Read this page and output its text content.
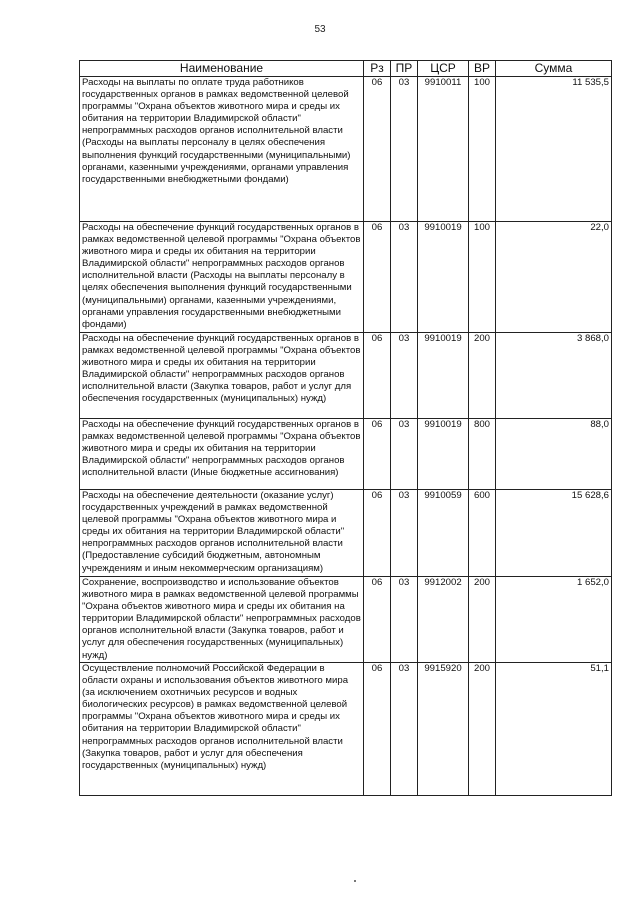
53
Наименование	Рз	ПР	ЦСР	ВР	Сумма
Расходы на выплаты по оплате труда работников государственных органов в рамках ведомственной целевой программы "Охрана объектов животного мира и среды их обитания на территории Владимирской области" непрограммных расходов органов исполнительной власти (Расходы на выплаты персоналу в целях обеспечения выполнения функций государственными (муниципальными) органами, казенными учреждениями, органами управления государственными внебюджетными фондами)	06	03	9910011	100	11 535,5
Расходы на обеспечение функций государственных органов в рамках ведомственной целевой программы "Охрана объектов животного мира и среды их обитания на территории Владимирской области" непрограммных расходов органов исполнительной власти (Расходы на выплаты персоналу в целях обеспечения выполнения функций государственными (муниципальными) органами, казенными учреждениями, органами управления государственными внебюджетными фондами)	06	03	9910019	100	22,0
Расходы на обеспечение функций государственных органов в рамках ведомственной целевой программы "Охрана объектов животного мира и среды их обитания на территории Владимирской области" непрограммных расходов органов исполнительной власти (Закупка товаров, работ и услуг для обеспечения государственных (муниципальных) нужд)	06	03	9910019	200	3 868,0
Расходы на обеспечение функций государственных органов в рамках ведомственной целевой программы "Охрана объектов животного мира и среды их обитания на территории Владимирской области" непрограммных расходов органов исполнительной власти (Иные бюджетные ассигнования)	06	03	9910019	800	88,0
Расходы на обеспечение деятельности (оказание услуг) государственных учреждений в рамках ведомственной целевой программы "Охрана объектов животного мира и среды их обитания на территории Владимирской области" непрограммных расходов органов исполнительной власти (Предоставление субсидий бюджетным, автономным учреждениям и иным некоммерческим организациям)	06	03	9910059	600	15 628,6
Сохранение, воспроизводство и использование объектов животного мира в рамках ведомственной целевой программы "Охрана объектов животного мира и среды их обитания на территории Владимирской области" непрограммных расходов органов исполнительной власти (Закупка товаров, работ и услуг для обеспечения государственных (муниципальных) нужд)	06	03	9912002	200	1 652,0
Осуществление полномочий Российской Федерации в области охраны и использования объектов животного мира (за исключением охотничьих ресурсов и водных биологических ресурсов) в рамках ведомственной целевой программы "Охрана объектов животного мира и среды их обитания на территории Владимирской области" непрограммных расходов органов исполнительной власти (Закупка товаров, работ и услуг для обеспечения государственных (муниципальных) нужд)	06	03	9915920	200	51,1
